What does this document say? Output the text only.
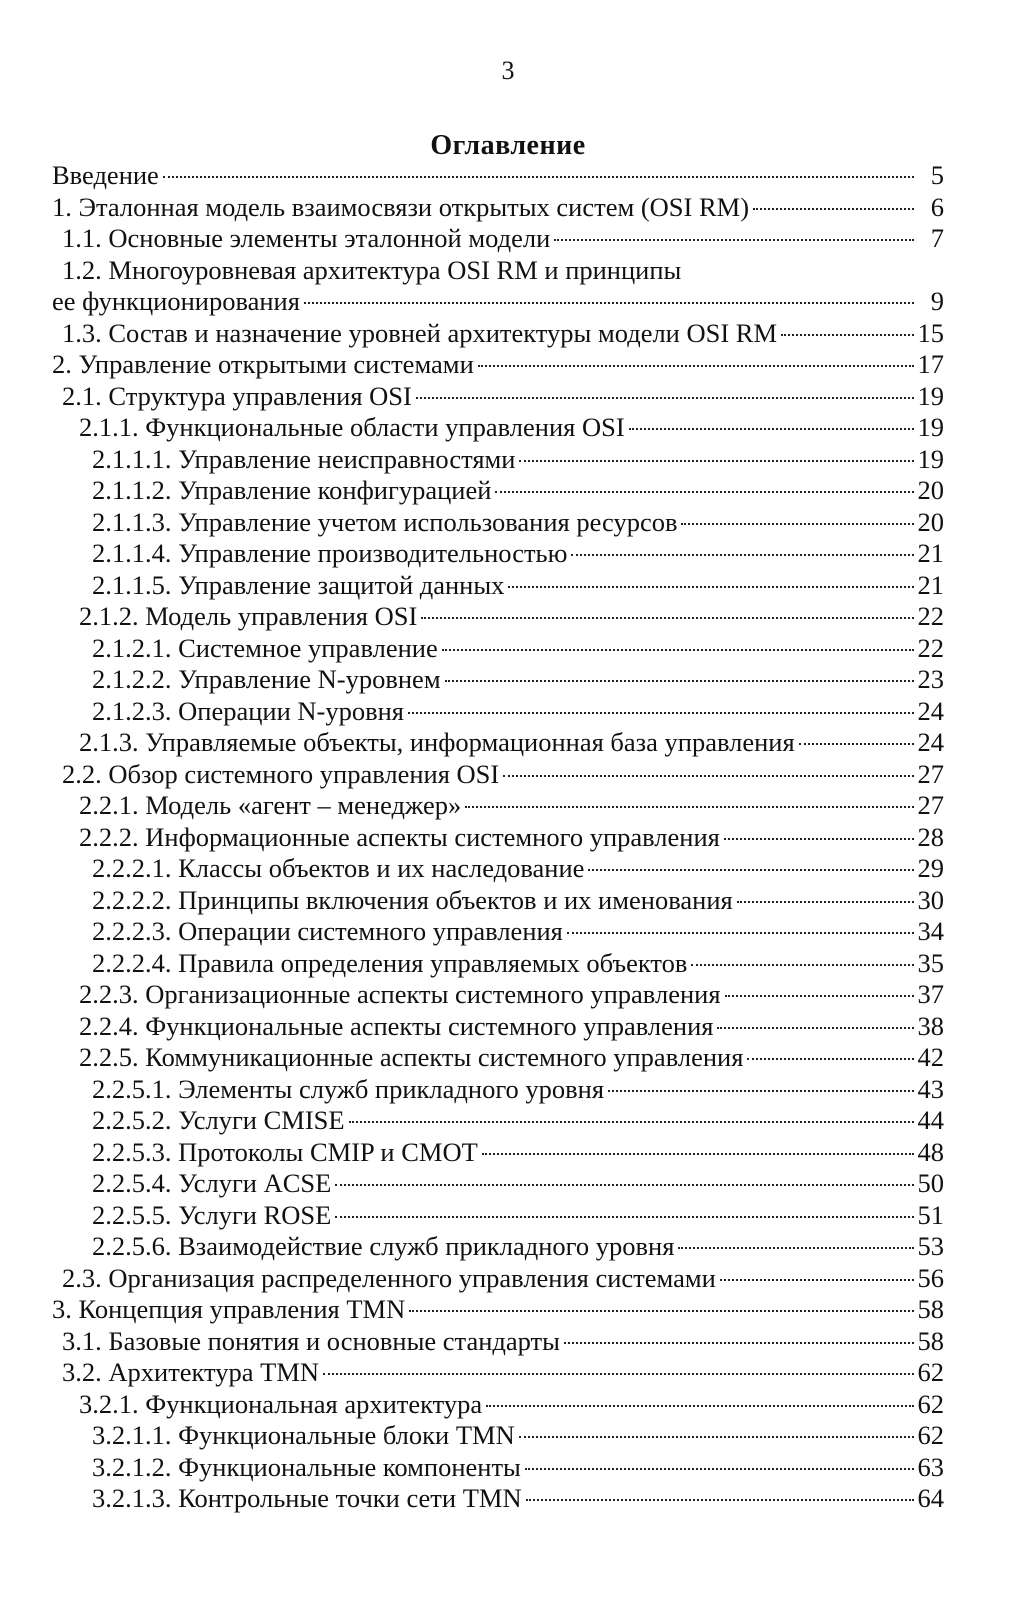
3
Оглавление
Введение	5
1. Эталонная модель взаимосвязи открытых систем (OSI RM)	6
1.1. Основные элементы эталонной модели	7
1.2. Многоуровневая архитектура OSI RM и принципы
ее функционирования	9
1.3. Состав и назначение уровней архитектуры модели OSI RM	15
2. Управление открытыми системами	17
2.1. Структура управления OSI	19
2.1.1. Функциональные области управления OSI	19
2.1.1.1. Управление неисправностями	19
2.1.1.2. Управление конфигурацией	20
2.1.1.3. Управление учетом использования ресурсов	20
2.1.1.4. Управление производительностью	21
2.1.1.5. Управление защитой данных	21
2.1.2. Модель управления OSI	22
2.1.2.1. Системное управление	22
2.1.2.2. Управление N-уровнем	23
2.1.2.3. Операции N-уровня	24
2.1.3. Управляемые объекты, информационная база управления	24
2.2. Обзор системного управления OSI	27
2.2.1. Модель «агент – менеджер»	27
2.2.2. Информационные аспекты системного управления	28
2.2.2.1. Классы объектов и их наследование	29
2.2.2.2. Принципы включения объектов и их именования	30
2.2.2.3. Операции системного управления	34
2.2.2.4. Правила определения управляемых объектов	35
2.2.3. Организационные аспекты системного управления	37
2.2.4. Функциональные аспекты системного управления	38
2.2.5. Коммуникационные аспекты системного управления	42
2.2.5.1. Элементы служб прикладного уровня	43
2.2.5.2. Услуги CMISE	44
2.2.5.3. Протоколы CMIP и CMOT	48
2.2.5.4. Услуги ACSE	50
2.2.5.5. Услуги ROSE	51
2.2.5.6. Взаимодействие служб прикладного уровня	53
2.3. Организация распределенного управления системами	56
3. Концепция управления TMN	58
3.1. Базовые понятия и основные стандарты	58
3.2. Архитектура TMN	62
3.2.1. Функциональная архитектура	62
3.2.1.1. Функциональные блоки TMN	62
3.2.1.2. Функциональные компоненты	63
3.2.1.3. Контрольные точки сети TMN	64
